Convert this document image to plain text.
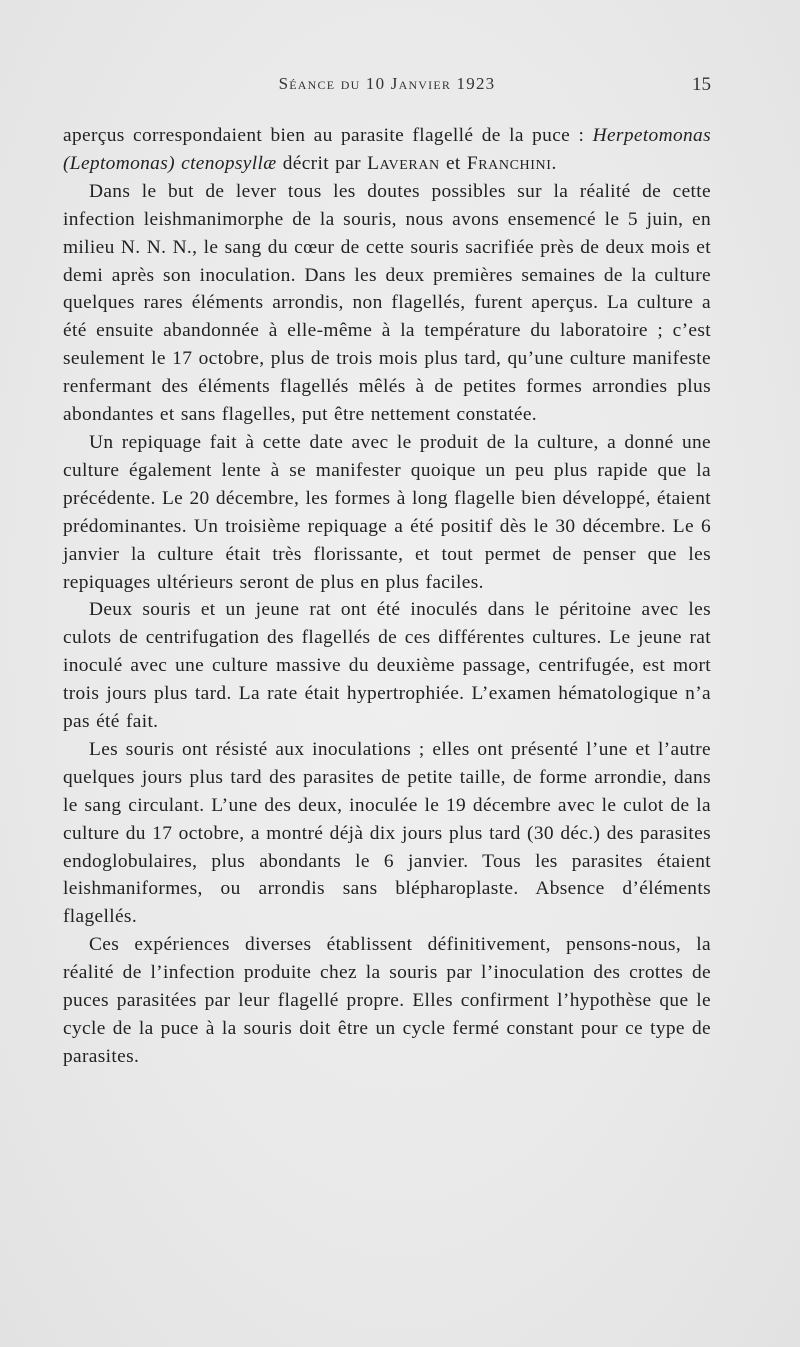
Séance du 10 Janvier 1923	15

aperçus correspondaient bien au parasite flagellé de la puce : Herpetomonas (Leptomonas) ctenopsyllæ décrit par Laveran et Franchini.

Dans le but de lever tous les doutes possibles sur la réalité de cette infection leishmanimorphe de la souris, nous avons ensemencé le 5 juin, en milieu N. N. N., le sang du cœur de cette souris sacrifiée près de deux mois et demi après son inoculation. Dans les deux premières semaines de la culture quelques rares éléments arrondis, non flagellés, furent aperçus. La culture a été ensuite abandonnée à elle-même à la température du laboratoire ; c’est seulement le 17 octobre, plus de trois mois plus tard, qu’une culture manifeste renfermant des éléments flagellés mêlés à de petites formes arrondies plus abondantes et sans flagelles, put être nettement constatée.

Un repiquage fait à cette date avec le produit de la culture, a donné une culture également lente à se manifester quoique un peu plus rapide que la précédente. Le 20 décembre, les formes à long flagelle bien développé, étaient prédominantes. Un troisième repiquage a été positif dès le 30 décembre. Le 6 janvier la culture était très florissante, et tout permet de penser que les repiquages ultérieurs seront de plus en plus faciles.

Deux souris et un jeune rat ont été inoculés dans le péritoine avec les culots de centrifugation des flagellés de ces différentes cultures. Le jeune rat inoculé avec une culture massive du deuxième passage, centrifugée, est mort trois jours plus tard. La rate était hypertrophiée. L’examen hématologique n’a pas été fait.

Les souris ont résisté aux inoculations ; elles ont présenté l’une et l’autre quelques jours plus tard des parasites de petite taille, de forme arrondie, dans le sang circulant. L’une des deux, inoculée le 19 décembre avec le culot de la culture du 17 octobre, a montré déjà dix jours plus tard (30 déc.) des parasites endoglobulaires, plus abondants le 6 janvier. Tous les parasites étaient leishmaniformes, ou arrondis sans blépharoplaste. Absence d’éléments flagellés.

Ces expériences diverses établissent définitivement, pensons-nous, la réalité de l’infection produite chez la souris par l’inoculation des crottes de puces parasitées par leur flagellé propre. Elles confirment l’hypothèse que le cycle de la puce à la souris doit être un cycle fermé constant pour ce type de parasites.
